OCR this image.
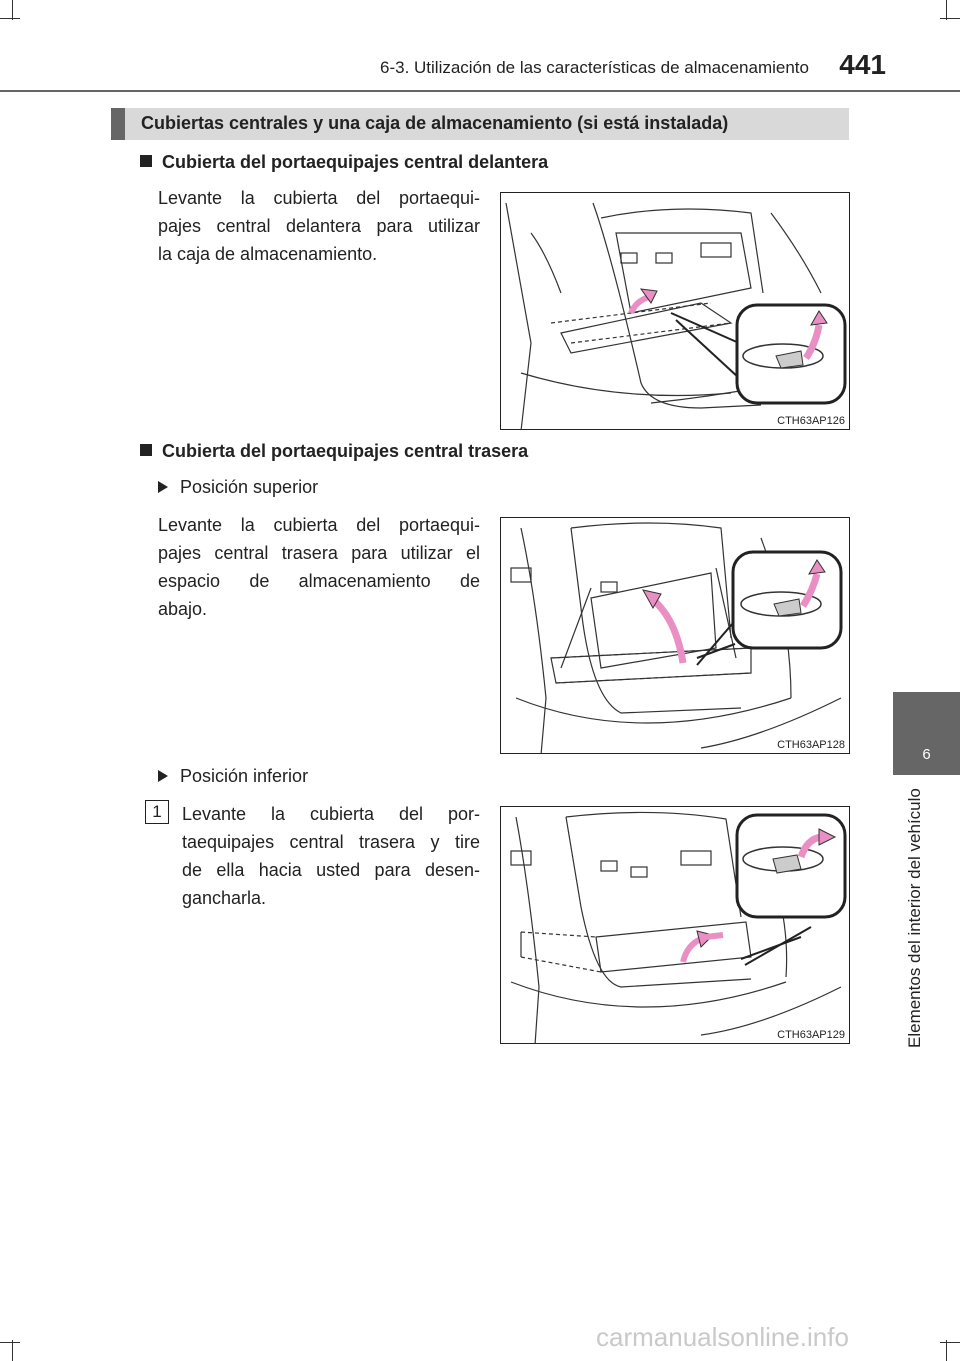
6-3. Utilización de las características de almacenamiento	441
Cubiertas centrales y una caja de almacenamiento (si está instalada)
6
Elementos del interior del vehículo
Cubierta del portaequipajes central delantera
Levante la cubierta del portaequi-
pajes central delantera para utilizar
la caja de almacenamiento.
CTH63AP126
Cubierta del portaequipajes central trasera
Posición superior
Levante la cubierta del portaequi-
pajes central trasera para utilizar el
espacio de almacenamiento de
abajo.
CTH63AP128
Posición inferior
1	Levante la cubierta del por-
taequipajes central trasera y tire
de ella hacia usted para desen-
gancharla.
CTH63AP129
carmanualsonline.info
